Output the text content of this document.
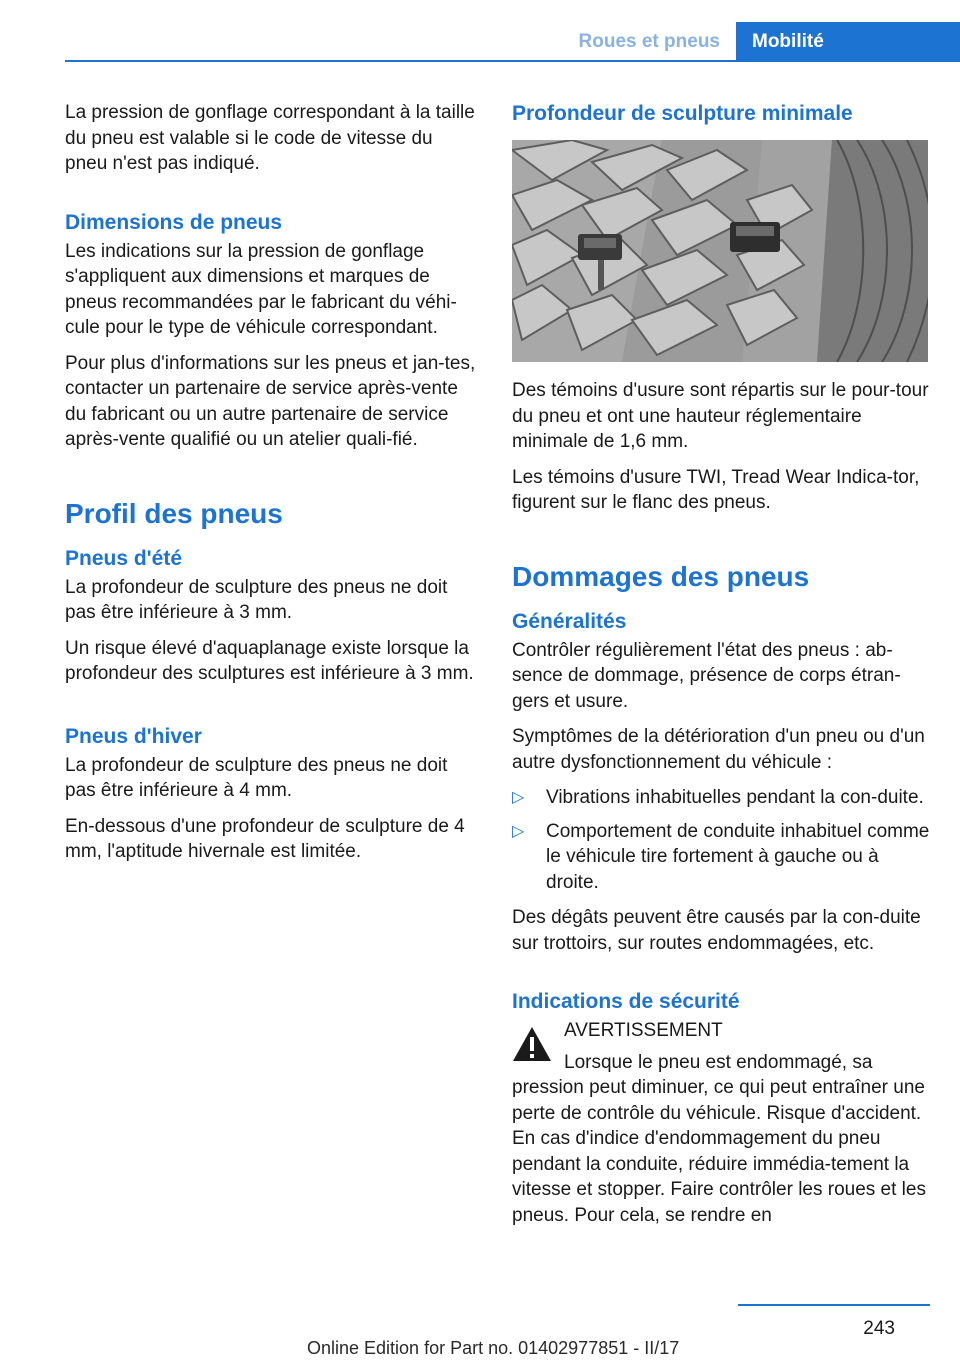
Roues et pneus	Mobilité

La pression de gonflage correspondant à la taille du pneu est valable si le code de vitesse du pneu n'est pas indiqué.

Dimensions de pneus

Les indications sur la pression de gonflage s'appliquent aux dimensions et marques de pneus recommandées par le fabricant du véhi-cule pour le type de véhicule correspondant.

Pour plus d'informations sur les pneus et jan-tes, contacter un partenaire de service après-vente du fabricant ou un autre partenaire de service après-vente qualifié ou un atelier quali-fié.

Profil des pneus
Pneus d'été

La profondeur de sculpture des pneus ne doit pas être inférieure à 3 mm.

Un risque élevé d'aquaplanage existe lorsque la profondeur des sculptures est inférieure à 3 mm.

Pneus d'hiver

La profondeur de sculpture des pneus ne doit pas être inférieure à 4 mm.

En-dessous d'une profondeur de sculpture de 4 mm, l'aptitude hivernale est limitée.

Profondeur de sculpture minimale

Des témoins d'usure sont répartis sur le pour-tour du pneu et ont une hauteur réglementaire minimale de 1,6 mm.

Les témoins d'usure TWI, Tread Wear Indica-tor, figurent sur le flanc des pneus.

Dommages des pneus
Généralités

Contrôler régulièrement l'état des pneus : ab-sence de dommage, présence de corps étran-gers et usure.

Symptômes de la détérioration d'un pneu ou d'un autre dysfonctionnement du véhicule :

▷ Vibrations inhabituelles pendant la con-duite.
▷ Comportement de conduite inhabituel comme le véhicule tire fortement à gauche ou à droite.

Des dégâts peuvent être causés par la con-duite sur trottoirs, sur routes endommagées, etc.

Indications de sécurité

AVERTISSEMENT

Lorsque le pneu est endommagé, sa pression peut diminuer, ce qui peut entraîner une perte de contrôle du véhicule. Risque d'accident. En cas d'indice d'endommagement du pneu pendant la conduite, réduire immédia-tement la vitesse et stopper. Faire contrôler les roues et les pneus. Pour cela, se rendre en

243
Online Edition for Part no. 01402977851 - II/17
